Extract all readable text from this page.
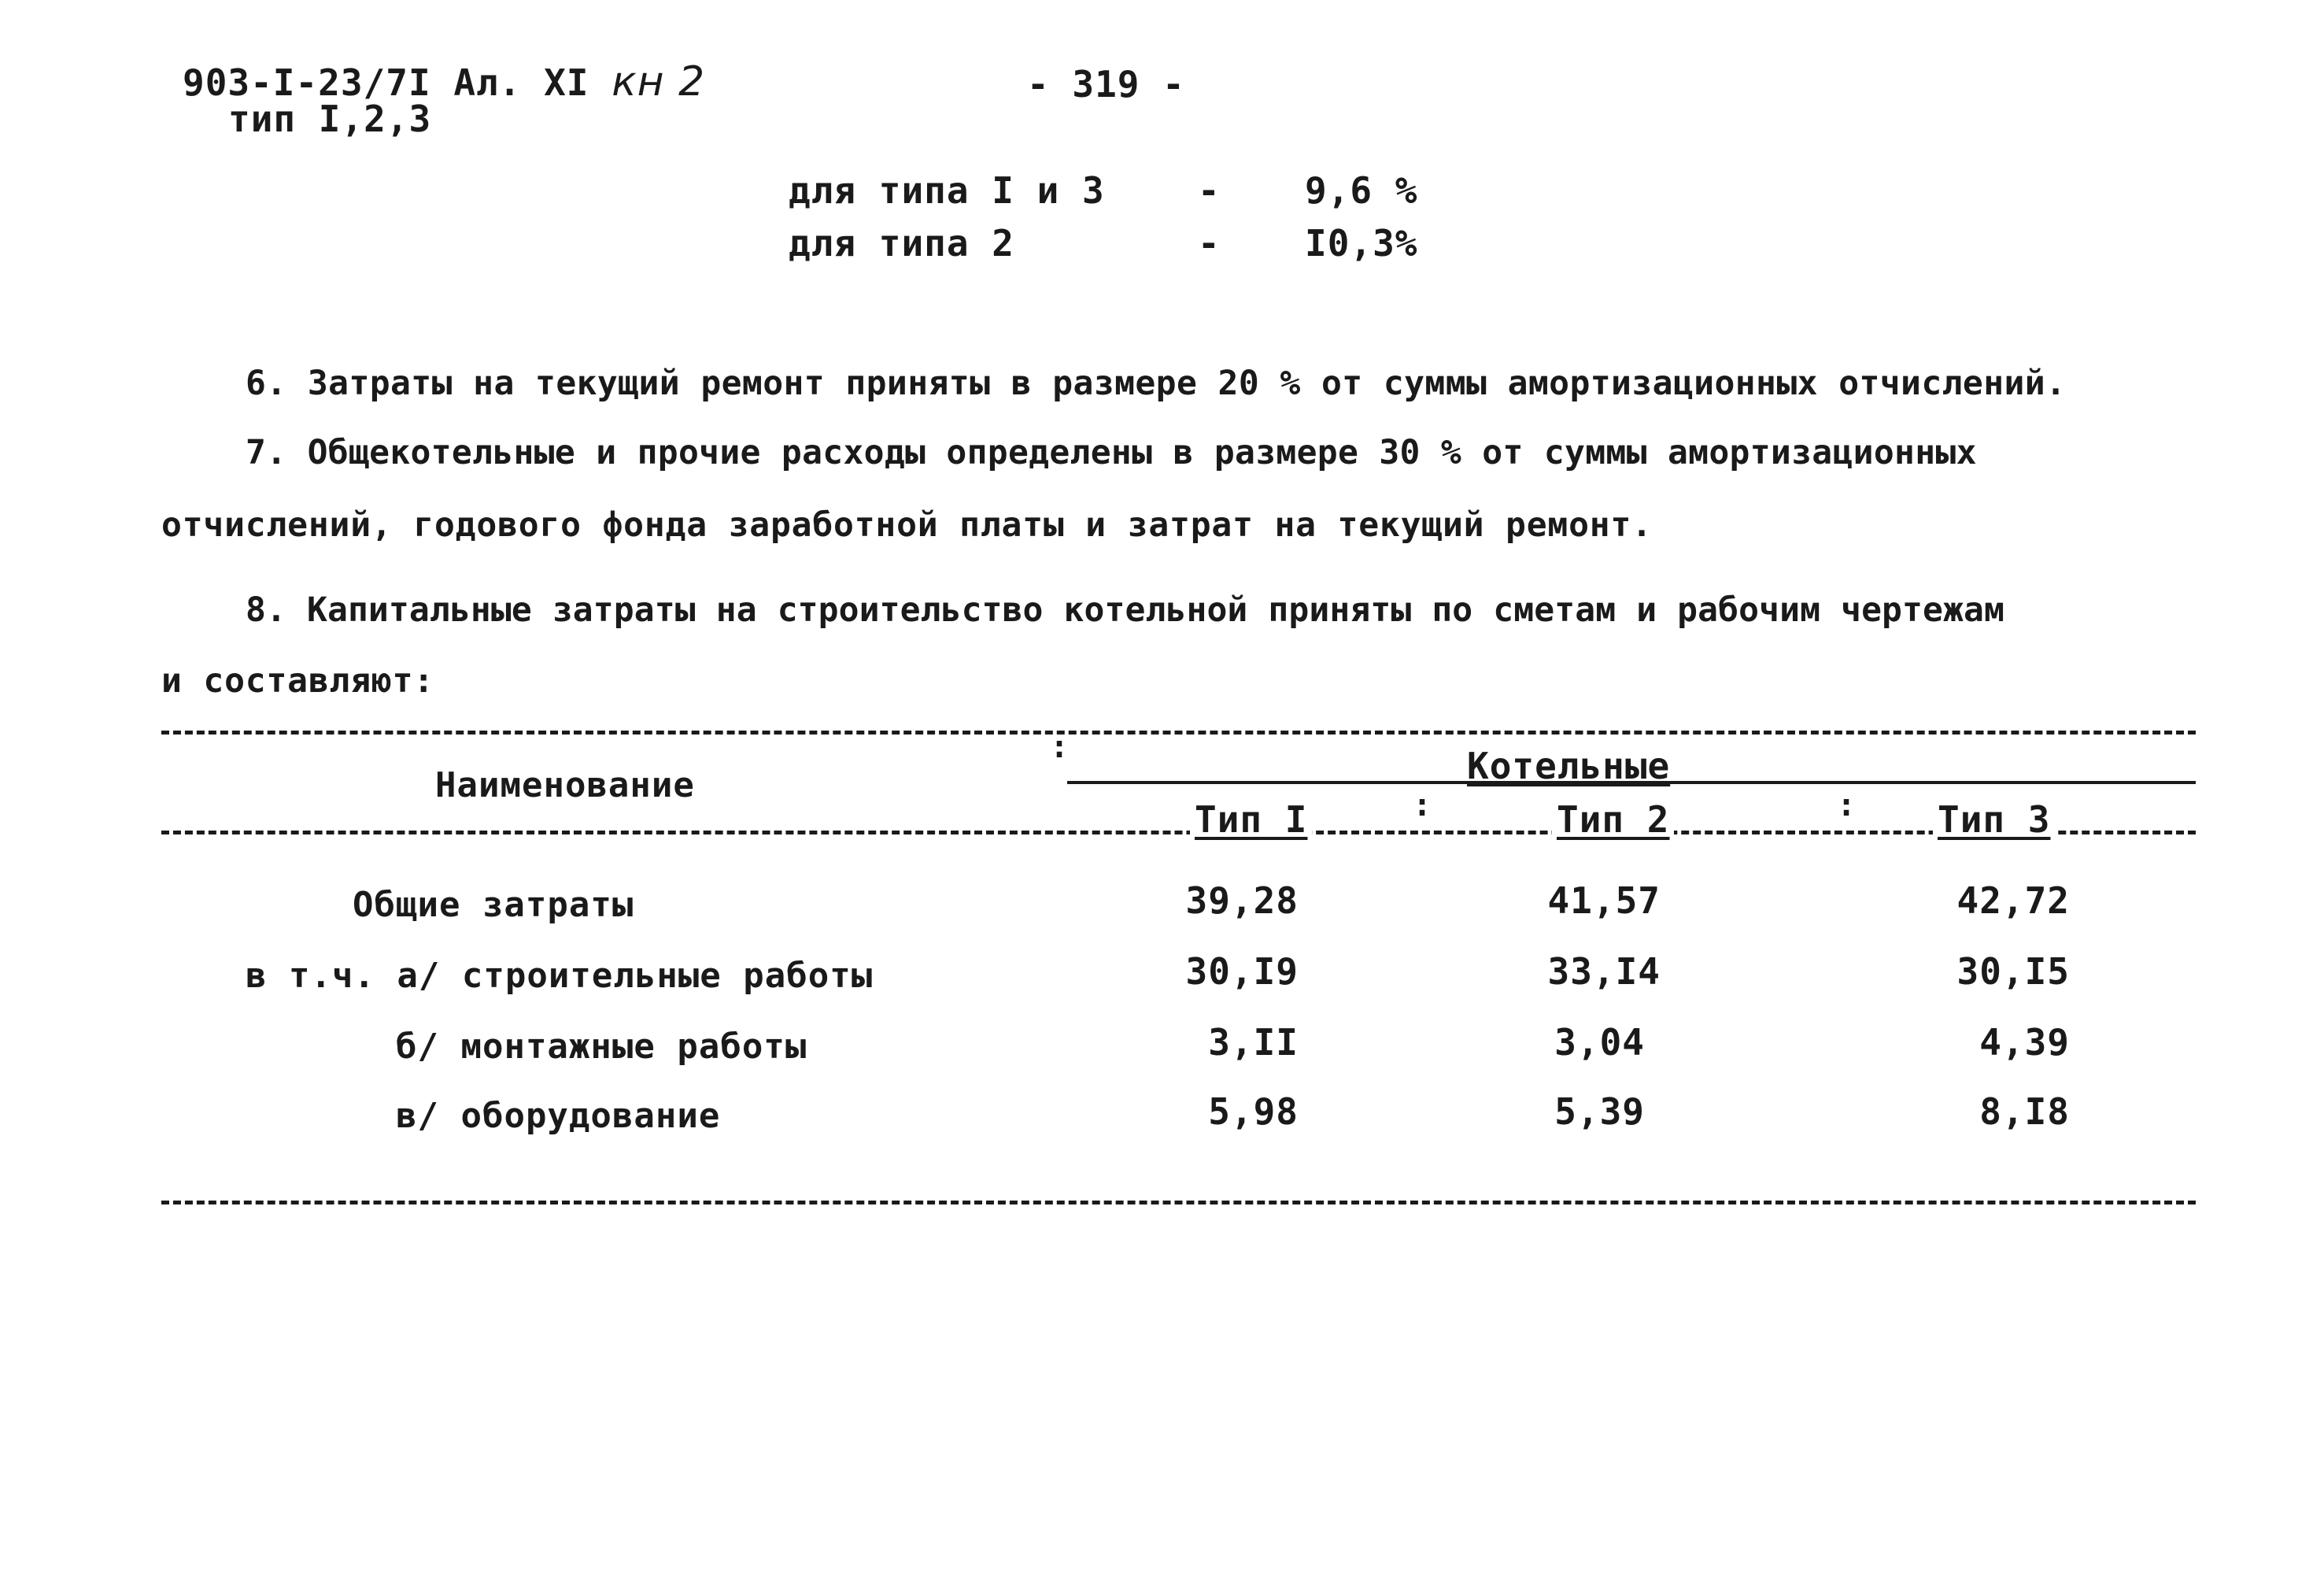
903-I-23/7I Ал. XI кн 2
тип I,2,3
- 319 -
для типа I и 3	- 9,6 %
для типа 2	- I0,3%
6. Затраты на текущий ремонт приняты в размере 20 % от суммы амортизационных отчислений.
7. Общекотельные и прочие расходы определены в размере 30 % от суммы амортизационных
отчислений, годового фонда заработной платы и затрат на текущий ремонт.
8. Капитальные затраты на строительство котельной приняты по сметам и рабочим чертежам
и составляют:
:
Наименование	Котельные
Тип I	:	Тип 2	: Тип 3
Общие затраты	39,28	41,57	42,72
в т.ч. а/ строительные работы	30,I9	33,I4	30,I5
б/ монтажные работы	3,II	3,04	4,39
в/ оборудование	5,98	5,39	8,I8
